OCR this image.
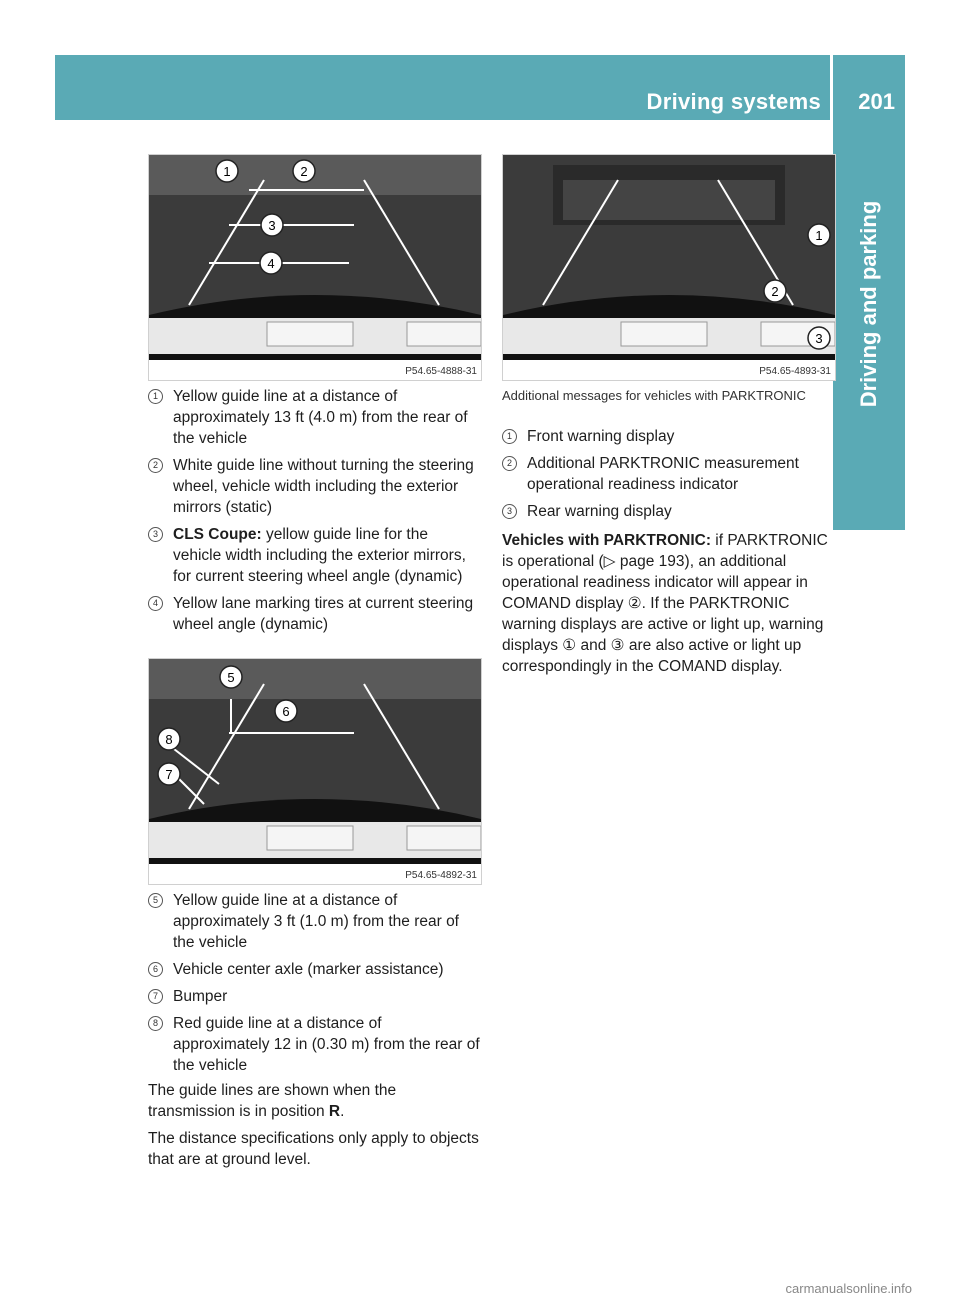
Driving systems 201
Driving and parking
1	2
3
4
P54.65-4888-31
1 Yellow guide line at a distance of approximately 13 ft (4.0 m) from the rear of the vehicle
2 White guide line without turning the steering wheel, vehicle width including the exterior mirrors (static)
3 CLS Coupe: yellow guide line for the vehicle width including the exterior mirrors, for current steering wheel angle (dynamic)
4 Yellow lane marking tires at current steering wheel angle (dynamic)
5
6
8
7
P54.65-4892-31
5 Yellow guide line at a distance of approximately 3 ft (1.0 m) from the rear of the vehicle
6 Vehicle center axle (marker assistance)
7 Bumper
8 Red guide line at a distance of approximately 12 in (0.30 m) from the rear of the vehicle

The guide lines are shown when the transmission is in position R.

The distance specifications only apply to objects that are at ground level.

1
2
3
P54.65-4893-31

Additional messages for vehicles with PARKTRONIC

1 Front warning display
2 Additional PARKTRONIC measurement operational readiness indicator
3 Rear warning display

Vehicles with PARKTRONIC: if PARKTRONIC is operational (▷ page 193), an additional operational readiness indicator will appear in COMAND display ②. If the PARKTRONIC warning displays are active or light up, warning displays ① and ③ are also active or light up correspondingly in the COMAND display.

carmanualsonline.info
